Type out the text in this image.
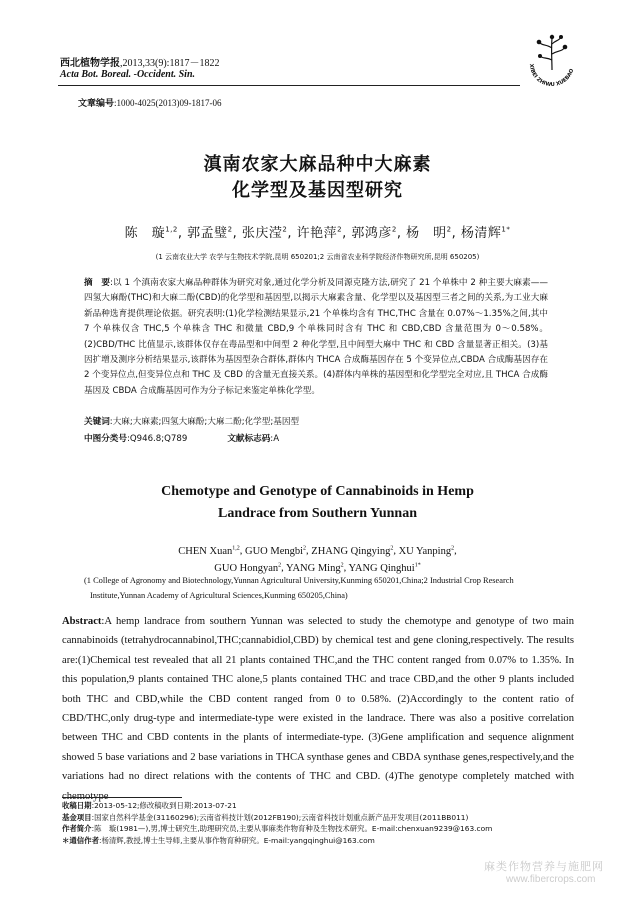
西北植物学报,2013,33(9):1817－1822
Acta Bot. Boreal. -Occident. Sin.
XIBEI ZHIWU XUEBAO
文章编号:1000-4025(2013)09-1817-06
滇南农家大麻品种中大麻素
化学型及基因型研究
陈　璇$^{1,2}$, 郭孟璧$^2$, 张庆滢$^2$, 许艳萍$^2$, 郭鸿彦$^2$, 杨　明$^2$, 杨清辉$^{1*}$
(1 云南农业大学 农学与生物技术学院,昆明 650201;2 云南省农业科学院经济作物研究所,昆明 650205)
摘　要:以 1 个滇南农家大麻品种群体为研究对象,通过化学分析及同源克隆方法,研究了 21 个单株中 2 种主要大麻素——四氢大麻酚(THC)和大麻二酚(CBD)的化学型和基因型,以揭示大麻素含量、化学型以及基因型三者之间的关系,为工业大麻新品种选育提供理论依据。研究表明:(1)化学检测结果显示,21 个单株均含有 THC,THC 含量在 0.07%～1.35%之间,其中 7 个单株仅含 THC,5 个单株含 THC 和微量 CBD,9 个单株同时含有 THC 和 CBD,CBD 含量范围为 0～0.58%。(2)CBD/THC 比值显示,该群体仅存在毒品型和中间型 2 种化学型,且中间型大麻中 THC 和 CBD 含量显著正相关。(3)基因扩增及测序分析结果显示,该群体为基因型杂合群体,群体内 THCA 合成酶基因存在 5 个变异位点,CBDA 合成酶基因存在 2 个变异位点,但变异位点和 THC 及 CBD 的含量无直接关系。(4)群体内单株的基因型和化学型完全对应,且 THCA 合成酶基因及 CBDA 合成酶基因可作为分子标记来鉴定单株化学型。
关键词:大麻;大麻素;四氢大麻酚;大麻二酚;化学型;基因型
中图分类号:Q946.8;Q789	文献标志码:A
Chemotype and Genotype of Cannabinoids in Hemp
Landrace from Southern Yunnan
CHEN Xuan$^{1,2}$, GUO Mengbi$^2$, ZHANG Qingying$^2$, XU Yanping$^2$,
GUO Hongyan$^2$, YANG Ming$^2$, YANG Qinghui$^{1*}$
(1 College of Agronomy and Biotechnology,Yunnan Agricultural University,Kunming 650201,China;2 Industrial Crop Research
Institute,Yunnan Academy of Agricultural Sciences,Kunming 650205,China)
Abstract:A hemp landrace from southern Yunnan was selected to study the chemotype and genotype of two main cannabinoids (tetrahydrocannabinol,THC;cannabidiol,CBD) by chemical test and gene cloning,respectively. The results are:(1)Chemical test revealed that all 21 plants contained THC,and the THC content ranged from 0.07% to 1.35%. In this population,9 plants contained THC alone,5 plants contained THC and trace CBD,and the other 9 plants included both THC and CBD,while the CBD content ranged from 0 to 0.58%. (2)Accordingly to the content ratio of CBD/THC,only drug-type and intermediate-type were existed in the landrace. There was also a positive correlation between THC and CBD contents in the plants of intermediate-type. (3)Gene amplification and sequence alignment showed 5 base variations and 2 base variations in THCA synthase genes and CBDA synthase genes,respectively,and the variations had no direct relations with the contents of THC and CBD. (4)The genotype completely matched with chemotype
收稿日期:2013-05-12;修改稿收到日期:2013-07-21
基金项目:国家自然科学基金(31160296);云南省科技计划(2012FB190);云南省科技计划重点新产品开发项目(2011BB011)
作者简介:陈　璇(1981—),男,博士研究生,助理研究员,主要从事麻类作物育种及生物技术研究。E-mail:chenxuan9239@163.com
＊通信作者:杨清辉,教授,博士生导师,主要从事作物育种研究。E-mail:yangqinghui@163.com
麻类作物营养与施肥网
www.fibercrops.com
